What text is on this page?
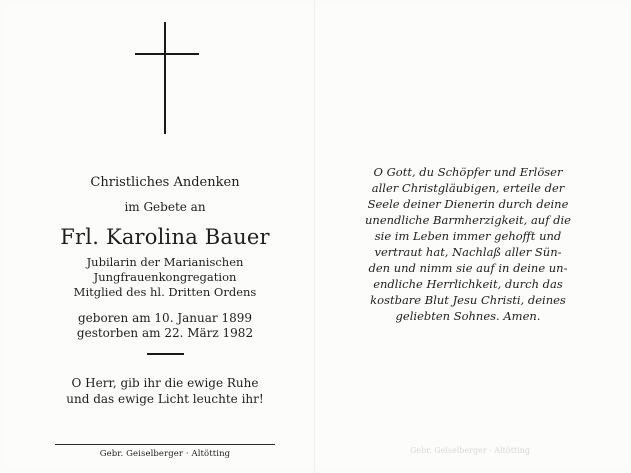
Christliches Andenken
im Gebete an
Frl. Karolina Bauer
Jubilarin der Marianischen
Jungfrauenkongregation
Mitglied des hl. Dritten Ordens
geboren am 10. Januar 1899
gestorben am 22. März 1982
O Herr, gib ihr die ewige Ruhe
und das ewige Licht leuchte ihr!
Gebr. Geiselberger · Altötting
O Gott, du Schöpfer und Erlöser
aller Christgläubigen, erteile der
Seele deiner Dienerin durch deine
unendliche Barmherzigkeit, auf die
sie im Leben immer gehofft und
vertraut hat, Nachlaß aller Sün-
den und nimm sie auf in deine un-
endliche Herrlichkeit, durch das
kostbare Blut Jesu Christi, deines
geliebten Sohnes. Amen.
Gebr. Geiselberger · Altötting
